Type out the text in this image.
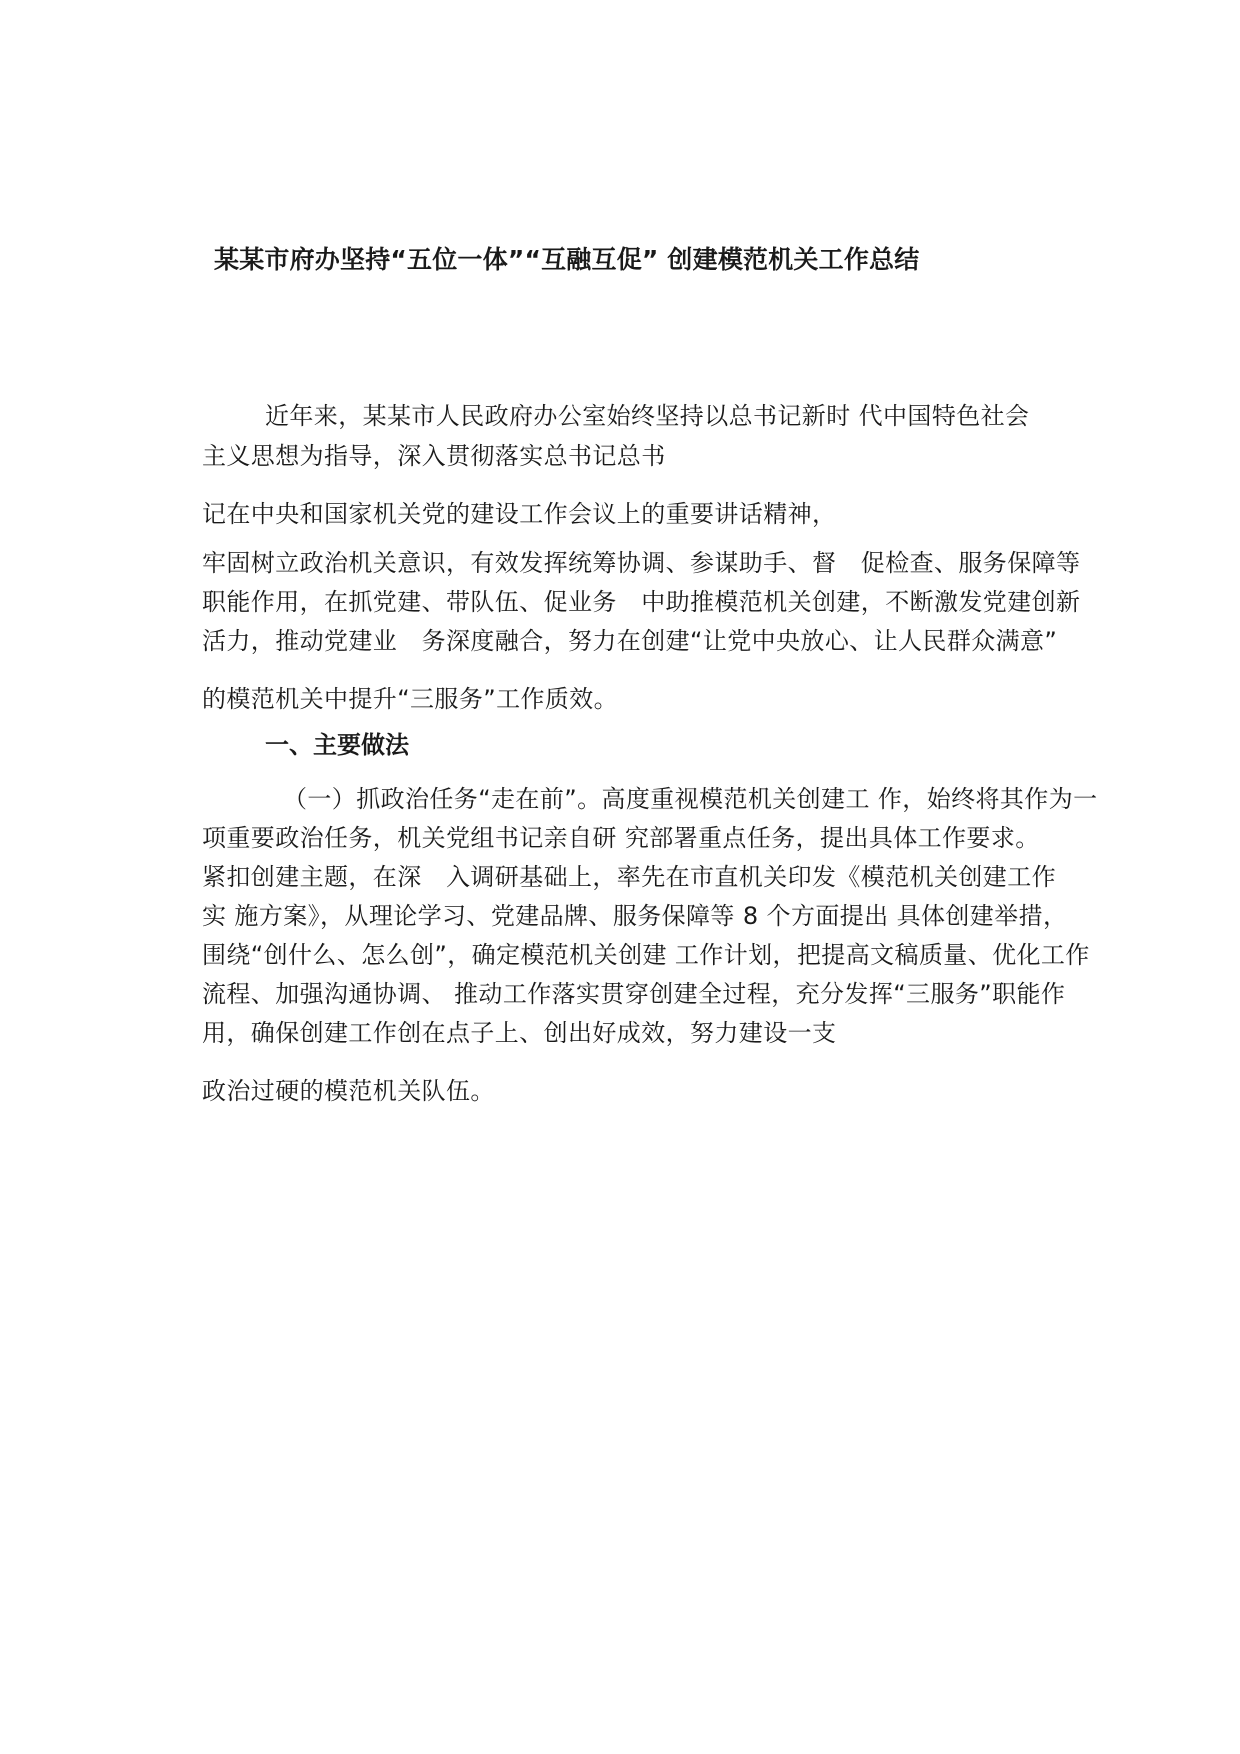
某某市府办坚持“五位一体”“互融互促” 创建模范机关工作总结
近年来，某某市人民政府办公室始终坚持以总书记新时 代中国特色社会
主义思想为指导，深入贯彻落实总书记总书
记在中央和国家机关党的建设工作会议上的重要讲话精神，
牢固树立政治机关意识，有效发挥统筹协调、参谋助手、督　促检查、服务保障等
职能作用，在抓党建、带队伍、促业务　中助推模范机关创建，不断激发党建创新
活力，推动党建业　务深度融合，努力在创建“让党中央放心、让人民群众满意”
的模范机关中提升“三服务”工作质效。
一、主要做法
（一）抓政治任务“走在前”。高度重视模范机关创建工 作，始终将其作为一
项重要政治任务，机关党组书记亲自研 究部署重点任务，提出具体工作要求。
紧扣创建主题，在深　入调研基础上，率先在市直机关印发《模范机关创建工作
实 施方案》，从理论学习、党建品牌、服务保障等 8 个方面提出 具体创建举措，
围绕“创什么、怎么创”，确定模范机关创建 工作计划，把提高文稿质量、优化工作
流程、加强沟通协调、 推动工作落实贯穿创建全过程，充分发挥“三服务”职能作
用，确保创建工作创在点子上、创出好成效，努力建设一支
政治过硬的模范机关队伍。
